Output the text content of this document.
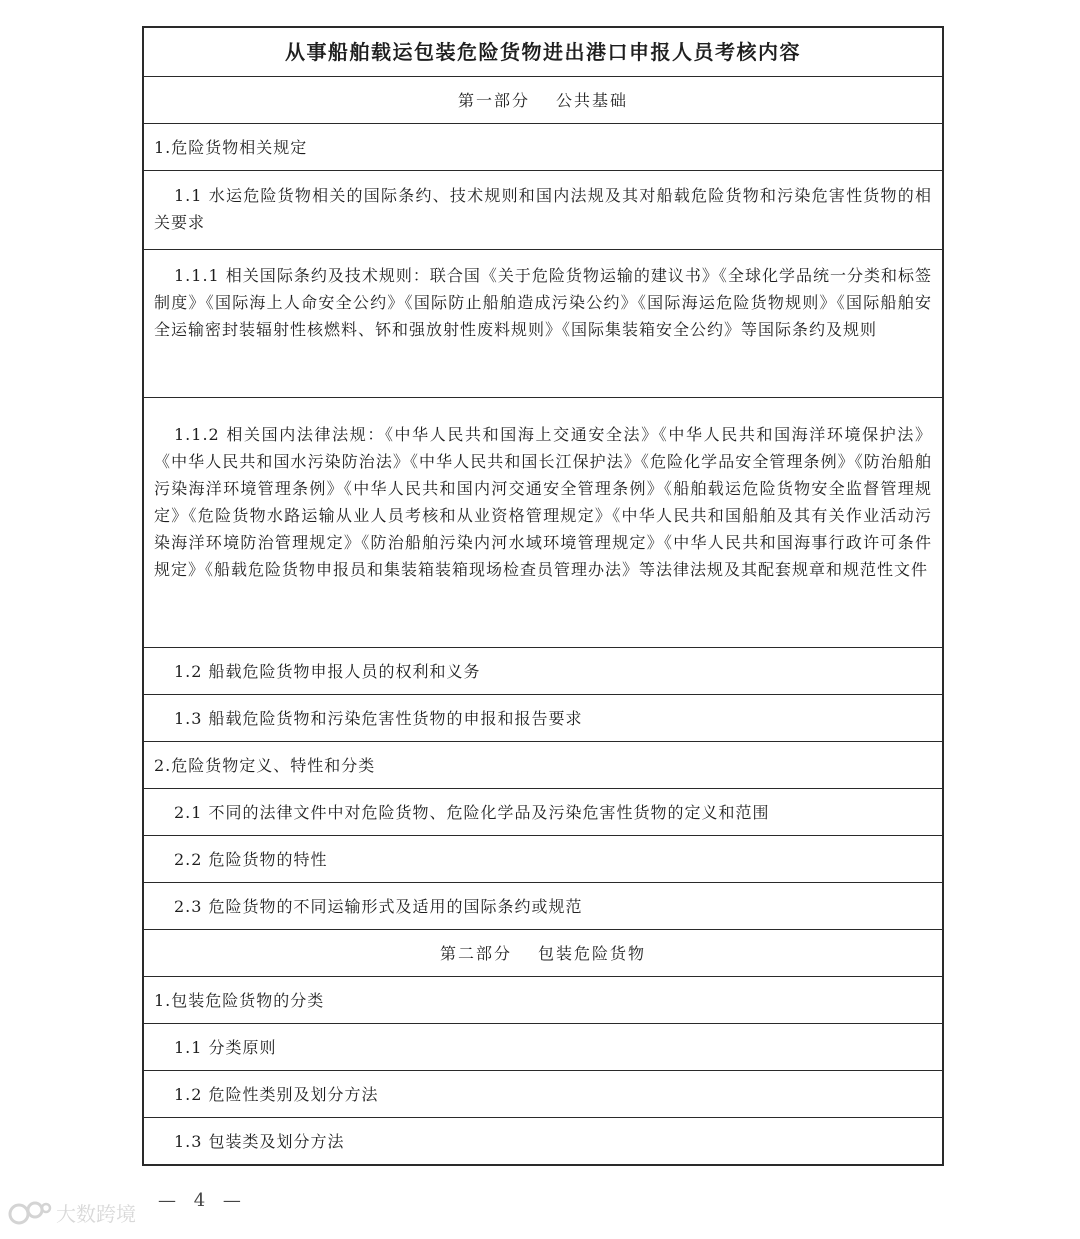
从事船舶载运包装危险货物进出港口申报人员考核内容
第一部分 公共基础
1.危险货物相关规定

1.1 水运危险货物相关的国际条约、技术规则和国内法规及其对船载危险货物和污染危害性货物的相关要求

1.1.1 相关国际条约及技术规则：联合国《关于危险货物运输的建议书》《全球化学品统一分类和标签制度》《国际海上人命安全公约》《国际防止船舶造成污染公约》《国际海运危险货物规则》《国际船舶安全运输密封装辐射性核燃料、钚和强放射性废料规则》《国际集装箱安全公约》等国际条约及规则

1.1.2 相关国内法律法规：《中华人民共和国海上交通安全法》《中华人民共和国海洋环境保护法》《中华人民共和国水污染防治法》《中华人民共和国长江保护法》《危险化学品安全管理条例》《防治船舶污染海洋环境管理条例》《中华人民共和国内河交通安全管理条例》《船舶载运危险货物安全监督管理规定》《危险货物水路运输从业人员考核和从业资格管理规定》《中华人民共和国船舶及其有关作业活动污染海洋环境防治管理规定》《防治船舶污染内河水域环境管理规定》《中华人民共和国海事行政许可条件规定》《船载危险货物申报员和集装箱装箱现场检查员管理办法》等法律法规及其配套规章和规范性文件

1.2 船载危险货物申报人员的权利和义务
1.3 船载危险货物和污染危害性货物的申报和报告要求
2.危险货物定义、特性和分类
2.1 不同的法律文件中对危险货物、危险化学品及污染危害性货物的定义和范围
2.2 危险货物的特性
2.3 危险货物的不同运输形式及适用的国际条约或规范
第二部分 包装危险货物
1.包装危险货物的分类
1.1 分类原则
1.2 危险性类别及划分方法
1.3 包装类及划分方法
大数跨境
— 4 —
